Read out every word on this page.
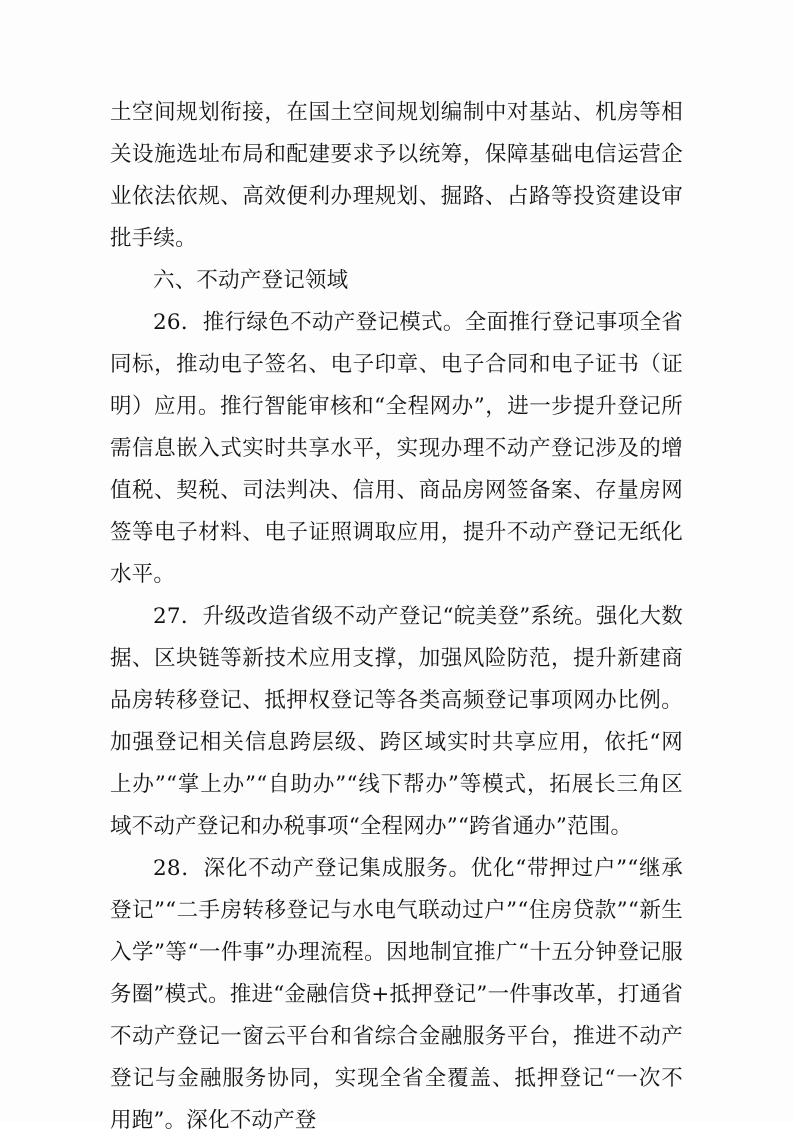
土空间规划衔接，在国土空间规划编制中对基站、机房等相关设施选址布局和配建要求予以统筹，保障基础电信运营企业依法依规、高效便利办理规划、掘路、占路等投资建设审批手续。

六、不动产登记领域

26．推行绿色不动产登记模式。全面推行登记事项全省同标，推动电子签名、电子印章、电子合同和电子证书（证明）应用。推行智能审核和“全程网办”，进一步提升登记所需信息嵌入式实时共享水平，实现办理不动产登记涉及的增值税、契税、司法判决、信用、商品房网签备案、存量房网签等电子材料、电子证照调取应用，提升不动产登记无纸化水平。

27．升级改造省级不动产登记“皖美登”系统。强化大数据、区块链等新技术应用支撑，加强风险防范，提升新建商品房转移登记、抵押权登记等各类高频登记事项网办比例。加强登记相关信息跨层级、跨区域实时共享应用，依托“网上办”“掌上办”“自助办”“线下帮办”等模式，拓展长三角区域不动产登记和办税事项“全程网办”“跨省通办”范围。

28．深化不动产登记集成服务。优化“带押过户”“继承登记”“二手房转移登记与水电气联动过户”“住房贷款”“新生入学”等“一件事”办理流程。因地制宜推广“十五分钟登记服务圈”模式。推进“金融信贷+抵押登记”一件事改革，打通省不动产登记一窗云平台和省综合金融服务平台，推进不动产登记与金融服务协同，实现全省全覆盖、抵押登记“一次不用跑”。深化不动产登
